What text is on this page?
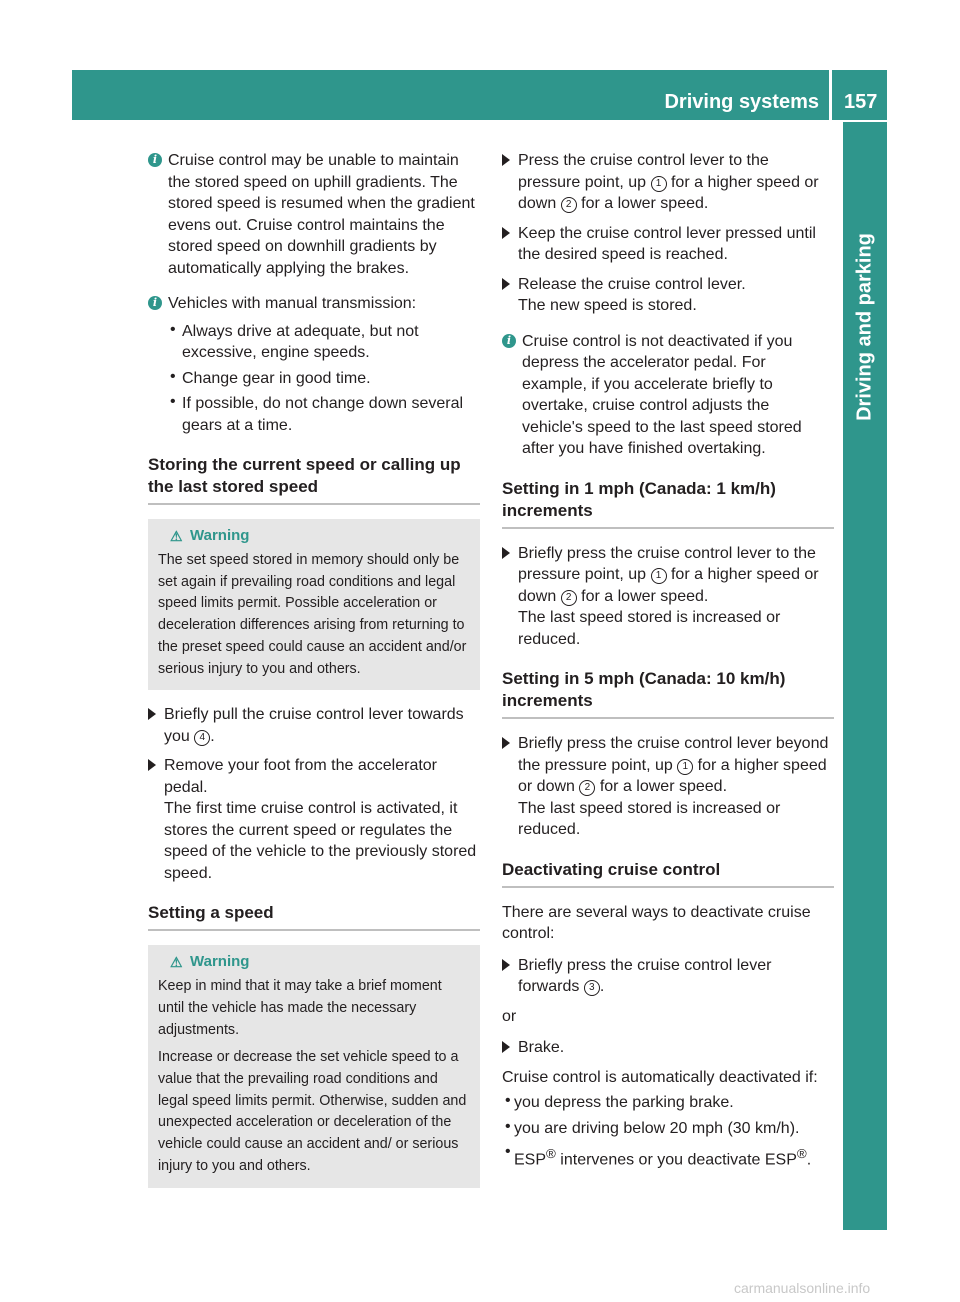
Driving systems 157
Driving and parking
i Cruise control may be unable to maintain the stored speed on uphill gradients. The stored speed is resumed when the gradient evens out. Cruise control maintains the stored speed on downhill gradients by automatically applying the brakes.

i Vehicles with manual transmission:

• Always drive at adequate, but not excessive, engine speeds.

• Change gear in good time.

• If possible, do not change down several gears at a time.

Storing the current speed or calling up the last stored speed
⚠ Warning

The set speed stored in memory should only be set again if prevailing road conditions and legal speed limits permit. Possible acceleration or deceleration differences arising from returning to the preset speed could cause an accident and/or serious injury to you and others.

Briefly pull the cruise control lever towards you 4 .

Remove your foot from the accelerator pedal.

The first time cruise control is activated, it stores the current speed or regulates the speed of the vehicle to the previously stored speed.

Setting a speed
⚠ Warning

Keep in mind that it may take a brief moment until the vehicle has made the necessary adjustments.

Increase or decrease the set vehicle speed to a value that the prevailing road conditions and legal speed limits permit. Otherwise, sudden and unexpected acceleration or deceleration of the vehicle could cause an accident and/ or serious injury to you and others.

Press the cruise control lever to the pressure point, up 1 for a higher speed or down 2 for a lower speed.

Keep the cruise control lever pressed until the desired speed is reached.

Release the cruise control lever.

The new speed is stored.

i Cruise control is not deactivated if you depress the accelerator pedal. For example, if you accelerate briefly to overtake, cruise control adjusts the vehicle's speed to the last speed stored after you have finished overtaking.

Setting in 1 mph (Canada: 1 km/h) increments

Briefly press the cruise control lever to the pressure point, up 1 for a higher speed or down 2 for a lower speed.

The last speed stored is increased or reduced.

Setting in 5 mph (Canada: 10 km/h) increments

Briefly press the cruise control lever beyond the pressure point, up 1 for a higher speed or down 2 for a lower speed.

The last speed stored is increased or reduced.

Deactivating cruise control

There are several ways to deactivate cruise control:

Briefly press the cruise control lever forwards 3 .

or

Brake.

Cruise control is automatically deactivated if:

• you depress the parking brake.

• you are driving below 20 mph (30 km/h).

• ESP® intervenes or you deactivate ESP®.

carmanualsonline.info
